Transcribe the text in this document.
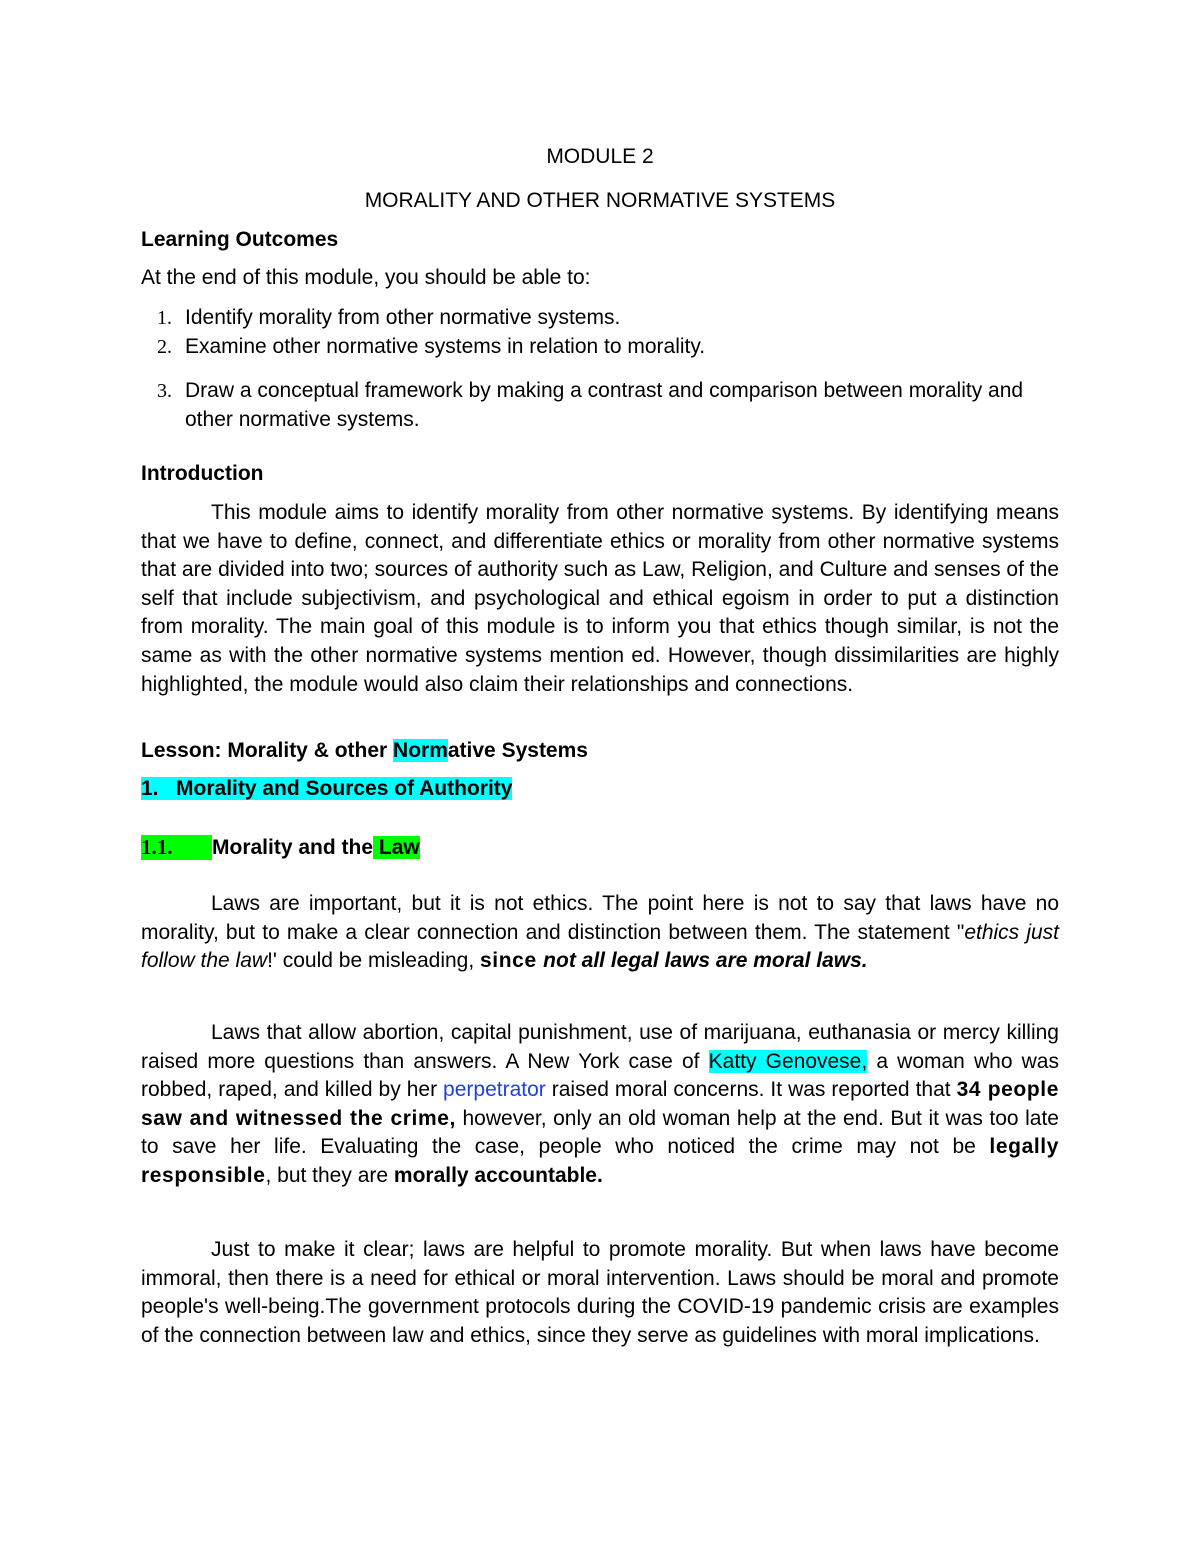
MODULE 2

MORALITY AND OTHER NORMATIVE SYSTEMS

Learning Outcomes

At the end of this module, you should be able to:

1. Identify morality from other normative systems.
2. Examine other normative systems in relation to morality.
3. Draw a conceptual framework by making a contrast and comparison between morality and other normative systems.

Introduction

This module aims to identify morality from other normative systems. By identifying means that we have to define, connect, and differentiate ethics or morality from other normative systems that are divided into two; sources of authority such as Law, Religion, and Culture and senses of the self that include subjectivism, and psychological and ethical egoism in order to put a distinction from morality. The main goal of this module is to inform you that ethics though similar, is not the same as with the other normative systems mention ed. However, though dissimilarities are highly highlighted, the module would also claim their relationships and connections.

Lesson: Morality & other Normative Systems

1. Morality and Sources of Authority

1.1. Morality and the Law

Laws are important, but it is not ethics. The point here is not to say that laws have no morality, but to make a clear connection and distinction between them. The statement "ethics just follow the law!' could be misleading, since not all legal laws are moral laws.

Laws that allow abortion, capital punishment, use of marijuana, euthanasia or mercy killing raised more questions than answers. A New York case of Katty Genovese, a woman who was robbed, raped, and killed by her perpetrator raised moral concerns. It was reported that 34 people saw and witnessed the crime, however, only an old woman help at the end. But it was too late to save her life. Evaluating the case, people who noticed the crime may not be legally responsible, but they are morally accountable.

Just to make it clear; laws are helpful to promote morality. But when laws have become immoral, then there is a need for ethical or moral intervention. Laws should be moral and promote people's well-being.The government protocols during the COVID-19 pandemic crisis are examples of the connection between law and ethics, since they serve as guidelines with moral implications.
